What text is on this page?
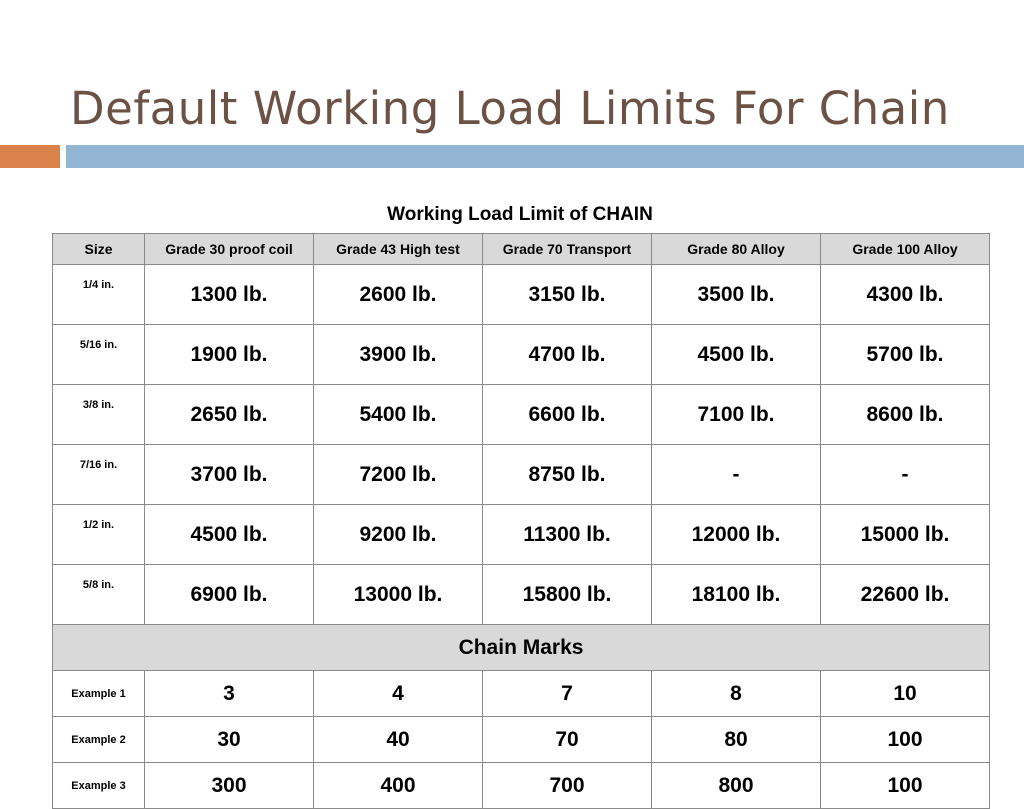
Default Working Load Limits For Chain
Working Load Limit of CHAIN
Size	Grade 30 proof coil	Grade 43 High test	Grade 70 Transport	Grade 80 Alloy	Grade 100 Alloy
1/4 in.	1300 lb.	2600 lb.	3150 lb.	3500 lb.	4300 lb.
5/16 in.	1900 lb.	3900 lb.	4700 lb.	4500 lb.	5700 lb.
3/8 in.	2650 lb.	5400 lb.	6600 lb.	7100 lb.	8600 lb.
7/16 in.	3700 lb.	7200 lb.	8750 lb.	-	-
1/2 in.	4500 lb.	9200 lb.	11300 lb.	12000 lb.	15000 lb.
5/8 in.	6900 lb.	13000 lb.	15800 lb.	18100 lb.	22600 lb.
Chain Marks					
Example 1	3	4	7	8	10
Example 2	30	40	70	80	100
Example 3	300	400	700	800	100
